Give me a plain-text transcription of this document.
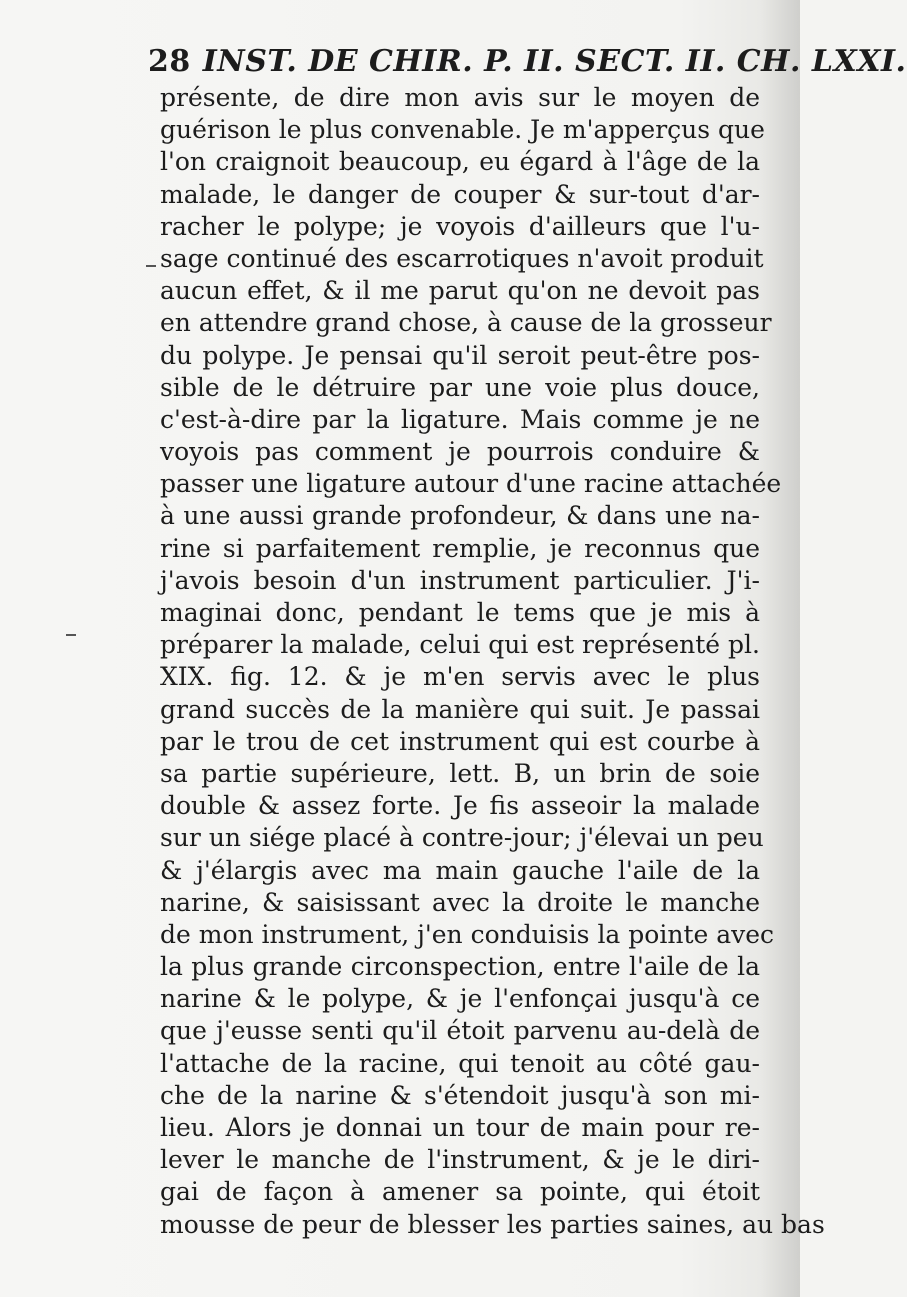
28 INST. DE CHIR. P. II. SECT. II. CH. LXXI.
présente, de dire mon avis sur le moyen de
guérison le plus convenable. Je m'apperçus que
l'on craignoit beaucoup, eu égard à l'âge de la
malade, le danger de couper & sur-tout d'ar-
racher le polype; je voyois d'ailleurs que l'u-
sage continué des escarrotiques n'avoit produit
aucun effet, & il me parut qu'on ne devoit pas
en attendre grand chose, à cause de la grosseur
du polype. Je pensai qu'il seroit peut-être pos-
sible de le détruire par une voie plus douce,
c'est-à-dire par la ligature. Mais comme je ne
voyois pas comment je pourrois conduire &
passer une ligature autour d'une racine attachée
à une aussi grande profondeur, & dans une na-
rine si parfaitement remplie, je reconnus que
j'avois besoin d'un instrument particulier. J'i-
maginai donc, pendant le tems que je mis à
préparer la malade, celui qui est représenté pl.
XIX. fig. 12. & je m'en servis avec le plus
grand succès de la manière qui suit. Je passai
par le trou de cet instrument qui est courbe à
sa partie supérieure, lett. B, un brin de soie
double & assez forte. Je fis asseoir la malade
sur un siége placé à contre-jour; j'élevai un peu
& j'élargis avec ma main gauche l'aile de la
narine, & saisissant avec la droite le manche
de mon instrument, j'en conduisis la pointe avec
la plus grande circonspection, entre l'aile de la
narine & le polype, & je l'enfonçai jusqu'à ce
que j'eusse senti qu'il étoit parvenu au-delà de
l'attache de la racine, qui tenoit au côté gau-
che de la narine & s'étendoit jusqu'à son mi-
lieu. Alors je donnai un tour de main pour re-
lever le manche de l'instrument, & je le diri-
gai de façon à amener sa pointe, qui étoit
mousse de peur de blesser les parties saines, au bas
